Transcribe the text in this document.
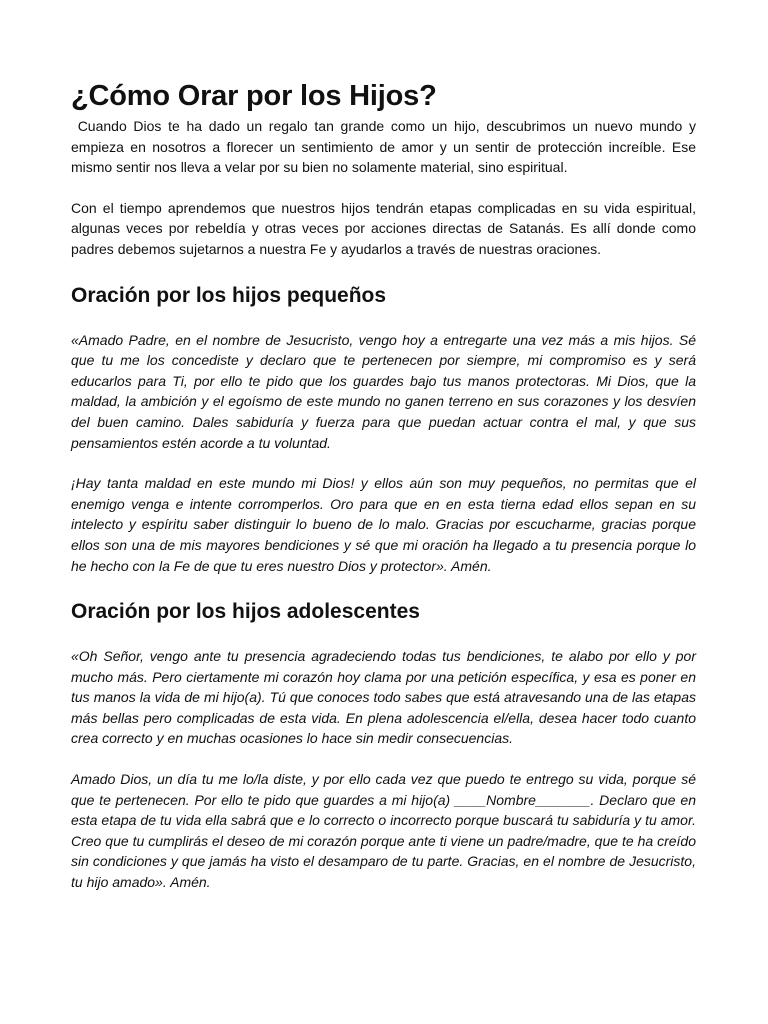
¿Cómo Orar por los Hijos?

Cuando Dios te ha dado un regalo tan grande como un hijo, descubrimos un nuevo mundo y empieza en nosotros a florecer un sentimiento de amor y un sentir de protección increíble. Ese mismo sentir nos lleva a velar por su bien no solamente material, sino espiritual.

Con el tiempo aprendemos que nuestros hijos tendrán etapas complicadas en su vida espiritual, algunas veces por rebeldía y otras veces por acciones directas de Satanás. Es allí donde como padres debemos sujetarnos a nuestra Fe y ayudarlos a través de nuestras oraciones.

Oración por los hijos pequeños

«Amado Padre, en el nombre de Jesucristo, vengo hoy a entregarte una vez más a mis hijos. Sé que tu me los concediste y declaro que te pertenecen por siempre, mi compromiso es y será educarlos para Ti, por ello te pido que los guardes bajo tus manos protectoras. Mi Dios, que la maldad, la ambición y el egoísmo de este mundo no ganen terreno en sus corazones y los desvíen del buen camino. Dales sabiduría y fuerza para que puedan actuar contra el mal, y que sus pensamientos estén acorde a tu voluntad.

¡Hay tanta maldad en este mundo mi Dios! y ellos aún son muy pequeños, no permitas que el enemigo venga e intente corromperlos. Oro para que en en esta tierna edad ellos sepan en su intelecto y espíritu saber distinguir lo bueno de lo malo. Gracias por escucharme, gracias porque ellos son una de mis mayores bendiciones y sé que mi oración ha llegado a tu presencia porque lo he hecho con la Fe de que tu eres nuestro Dios y protector». Amén.

Oración por los hijos adolescentes

«Oh Señor, vengo ante tu presencia agradeciendo todas tus bendiciones, te alabo por ello y por mucho más. Pero ciertamente mi corazón hoy clama por una petición específica, y esa es poner en tus manos la vida de mi hijo(a). Tú que conoces todo sabes que está atravesando una de las etapas más bellas pero complicadas de esta vida. En plena adolescencia el/ella, desea hacer todo cuanto crea correcto y en muchas ocasiones lo hace sin medir consecuencias.

Amado Dios, un día tu me lo/la diste, y por ello cada vez que puedo te entrego su vida, porque sé que te pertenecen. Por ello te pido que guardes a mi hijo(a) ____Nombre_______. Declaro que en esta etapa de tu vida ella sabrá que e lo correcto o incorrecto porque buscará tu sabiduría y tu amor. Creo que tu cumplirás el deseo de mi corazón porque ante ti viene un padre/madre, que te ha creído sin condiciones y que jamás ha visto el desamparo de tu parte. Gracias, en el nombre de Jesucristo, tu hijo amado». Amén.
